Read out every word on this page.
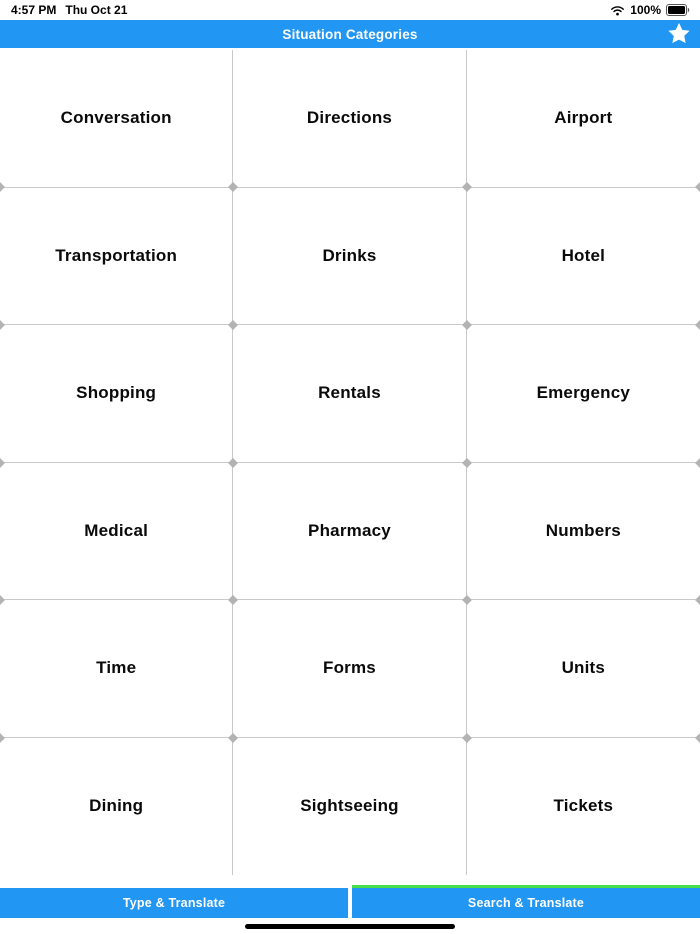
4:57 PM Thu Oct 21	100%
Situation Categories
Conversation	Directions	Airport
Transportation	Drinks	Hotel
Shopping	Rentals	Emergency
Medical	Pharmacy	Numbers
Time	Forms	Units
Dining	Sightseeing	Tickets
Type & Translate	Search & Translate
